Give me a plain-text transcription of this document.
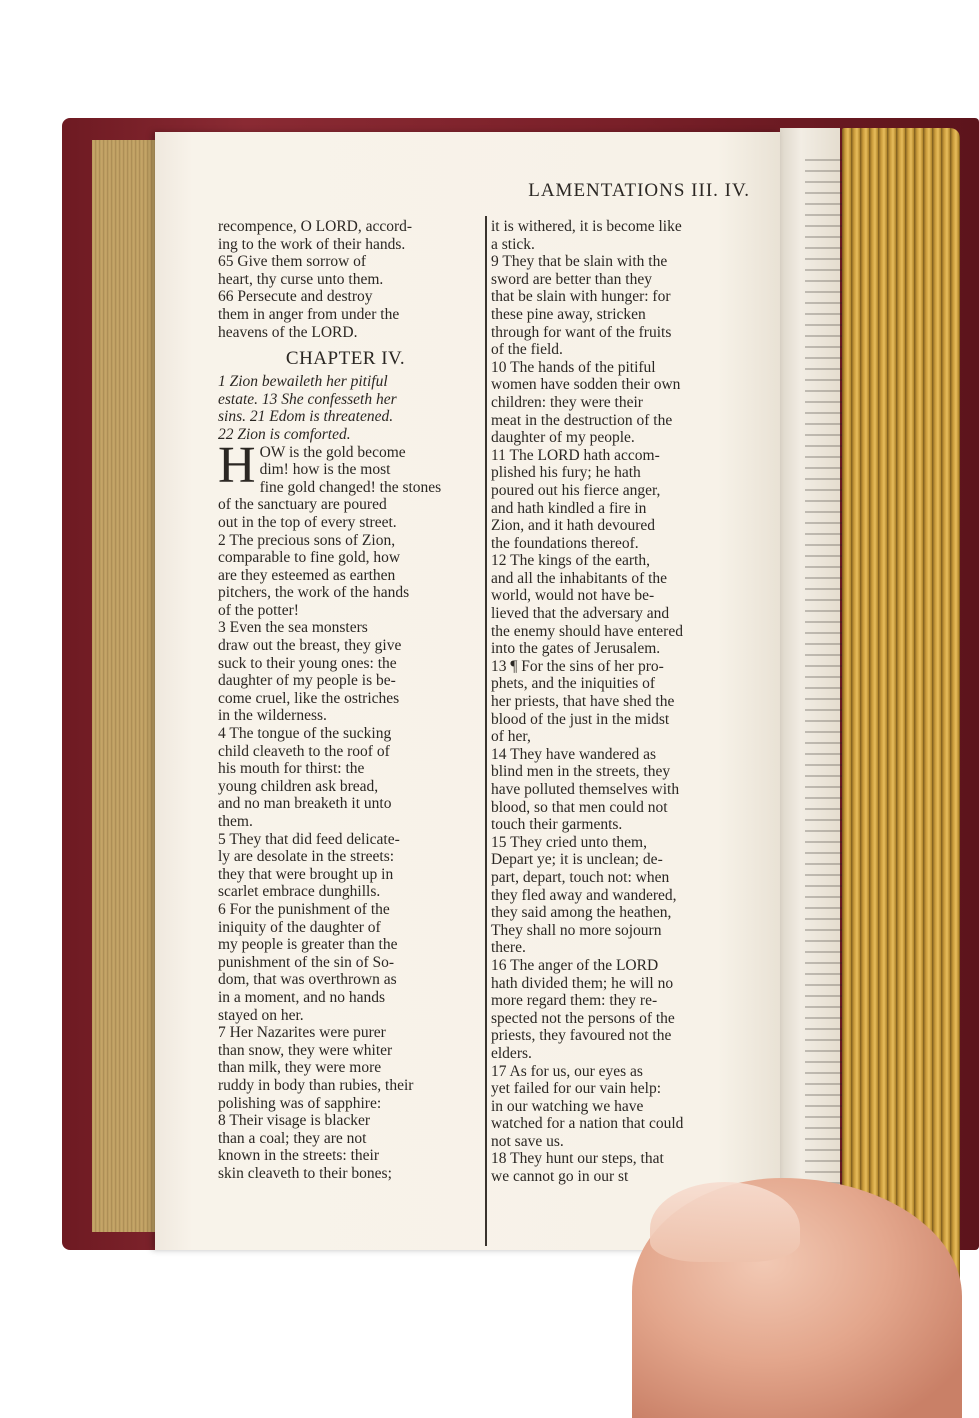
LAMENTATIONS III. IV.
recompence, O LORD, accord-
ing to the work of their hands.
65 Give them sorrow of
heart, thy curse unto them.
66 Persecute and destroy
them in anger from under the
heavens of the LORD.
CHAPTER IV.
1 Zion bewaileth her pitiful
estate. 13 She confesseth her
sins. 21 Edom is threatened.
22 Zion is comforted.
H OW is the gold become
dim! how is the most
fine gold changed! the stones
of the sanctuary are poured
out in the top of every street.
2 The precious sons of Zion,
comparable to fine gold, how
are they esteemed as earthen
pitchers, the work of the hands
of the potter!
3 Even the sea monsters
draw out the breast, they give
suck to their young ones: the
daughter of my people is be-
come cruel, like the ostriches
in the wilderness.
4 The tongue of the sucking
child cleaveth to the roof of
his mouth for thirst: the
young children ask bread,
and no man breaketh it unto
them.
5 They that did feed delicate-
ly are desolate in the streets:
they that were brought up in
scarlet embrace dunghills.
6 For the punishment of the
iniquity of the daughter of
my people is greater than the
punishment of the sin of So-
dom, that was overthrown as
in a moment, and no hands
stayed on her.
7 Her Nazarites were purer
than snow, they were whiter
than milk, they were more
ruddy in body than rubies, their
polishing was of sapphire:
8 Their visage is blacker
than a coal; they are not
known in the streets: their
skin cleaveth to their bones;
it is withered, it is become like
a stick.
9 They that be slain with the
sword are better than they
that be slain with hunger: for
these pine away, stricken
through for want of the fruits
of the field.
10 The hands of the pitiful
women have sodden their own
children: they were their
meat in the destruction of the
daughter of my people.
11 The LORD hath accom-
plished his fury; he hath
poured out his fierce anger,
and hath kindled a fire in
Zion, and it hath devoured
the foundations thereof.
12 The kings of the earth,
and all the inhabitants of the
world, would not have be-
lieved that the adversary and
the enemy should have entered
into the gates of Jerusalem.
13 ¶ For the sins of her pro-
phets, and the iniquities of
her priests, that have shed the
blood of the just in the midst
of her,
14 They have wandered as
blind men in the streets, they
have polluted themselves with
blood, so that men could not
touch their garments.
15 They cried unto them,
Depart ye; it is unclean; de-
part, depart, touch not: when
they fled away and wandered,
they said among the heathen,
They shall no more sojourn
there.
16 The anger of the LORD
hath divided them; he will no
more regard them: they re-
spected not the persons of the
priests, they favoured not the
elders.
17 As for us, our eyes as
yet failed for our vain help:
in our watching we have
watched for a nation that could
not save us.
18 They hunt our steps, that
we cannot go in our st
